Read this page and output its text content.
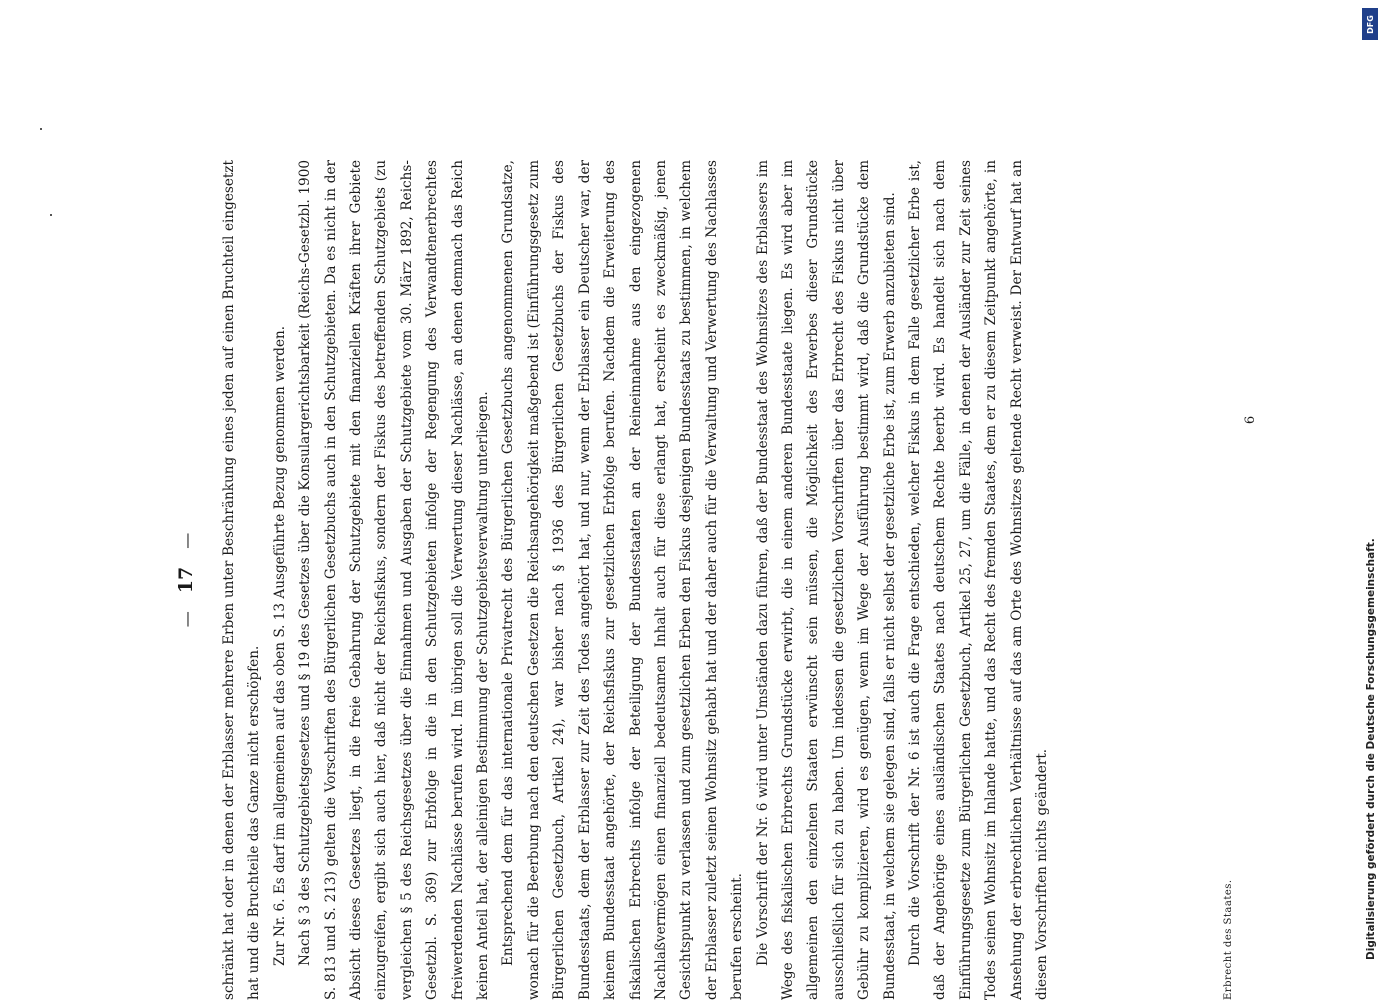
—
17
— schränkt hat oder in denen der Erblasser mehrere Erben unter Beschränkung eines jeden auf einen Bruchteil eingesetzt hat und die Bruchteile das Ganze nicht erschöpfen. Zur Nr. 6. Es darf im allgemeinen auf das oben S. 13 Ausgeführte Bezug genommen werden. Nach § 3 des Schutzgebietsgesetzes und § 19 des Gesetzes über die Konsulargerichtsbarkeit (Reichs-Gesetzbl. 1900 S. 813 und S. 213) gelten die Vorschriften des Bürgerlichen Gesetzbuchs auch in den Schutzgebieten. Da es nicht in der Absicht dieses Gesetzes liegt, in die freie Gebahrung der Schutzgebiete mit den finanziellen Kräften ihrer Gebiete einzugreifen, ergibt sich auch hier, daß nicht der Reichsfiskus, sondern der Fiskus des betreffenden Schutzgebiets (zu vergleichen § 5 des Reichsgesetzes über die Einnahmen und Ausgaben der Schutzgebiete vom 30. März 1892, Reichs-Gesetzbl. S. 369) zur Erbfolge in die in den Schutzgebieten infolge der Regengung des Verwandtenerbrechtes freiwerdenden Nachlässe berufen wird. Im übrigen soll die Verwertung dieser Nachlässe, an denen demnach das Reich keinen Anteil hat, der alleinigen Bestimmung der Schutzgebietsverwaltung unterliegen. Entsprechend dem für das internationale Privatrecht des Bürgerlichen Gesetzbuchs angenommenen Grundsatze, wonach für die Beerbung nach den deutschen Gesetzen die Reichsangehörigkeit maßgebend ist (Einführungsgesetz zum Bürgerlichen Gesetzbuch, Artikel 24), war bisher nach § 1936 des Bürgerlichen Gesetzbuchs der Fiskus des Bundesstaats, dem der Erblasser zur Zeit des Todes angehört hat, und nur, wenn der Erblasser ein Deutscher war, der keinem Bundesstaat angehörte, der Reichsfiskus zur gesetzlichen Erbfolge berufen. Nachdem die Erweiterung des fiskalischen Erbrechts infolge der Beteiligung der Bundesstaaten an der Reineinnahme aus den eingezogenen Nachlaßvermögen einen finanziell bedeutsamen Inhalt auch für diese erlangt hat, erscheint es zweckmäßig, jenen Gesichtspunkt zu verlassen und zum gesetzlichen Erben den Fiskus desjenigen Bundesstaats zu bestimmen, in welchem der Erblasser zuletzt seinen Wohnsitz gehabt hat und der daher auch für die Verwaltung und Verwertung des Nachlasses berufen erscheint. Die Vorschrift der Nr. 6 wird unter Umständen dazu führen, daß der Bundesstaat des Wohnsitzes des Erblassers im Wege des fiskalischen Erbrechts Grundstücke erwirbt, die in einem anderen Bundesstaate liegen. Es wird aber im allgemeinen den einzelnen Staaten erwünscht sein müssen, die Möglichkeit des Erwerbes dieser Grundstücke ausschließlich für sich zu haben. Um indessen die gesetzlichen Vorschriften über das Erbrecht des Fiskus nicht über Gebühr zu komplizieren, wird es genügen, wenn im Wege der Ausführung bestimmt wird, daß die Grundstücke dem Bundesstaat, in welchem sie gelegen sind, falls er nicht selbst der gesetzliche Erbe ist, zum Erwerb anzubieten sind. Durch die Vorschrift der Nr. 6 ist auch die Frage entschieden, welcher Fiskus in dem Falle gesetzlicher Erbe ist, daß der Angehörige eines ausländischen Staates nach deutschem Rechte beerbt wird. Es handelt sich nach dem Einführungsgesetze zum Bürgerlichen Gesetzbuch, Artikel 25, 27, um die Fälle, in denen der Ausländer zur Zeit seines Todes seinen Wohnsitz im Inlande hatte, und das Recht des fremden Staates, dem er zu diesem Zeitpunkt angehörte, in Ansehung der erbrechtlichen Verhältnisse auf das am Orte des Wohnsitzes geltende Recht verweist. Der Entwurf hat an diesen Vorschriften nichts geändert.	Erbrecht des Staates.
6
DFG
Digitalisierung gefördert durch die Deutsche Forschungsgemeinschaft.
